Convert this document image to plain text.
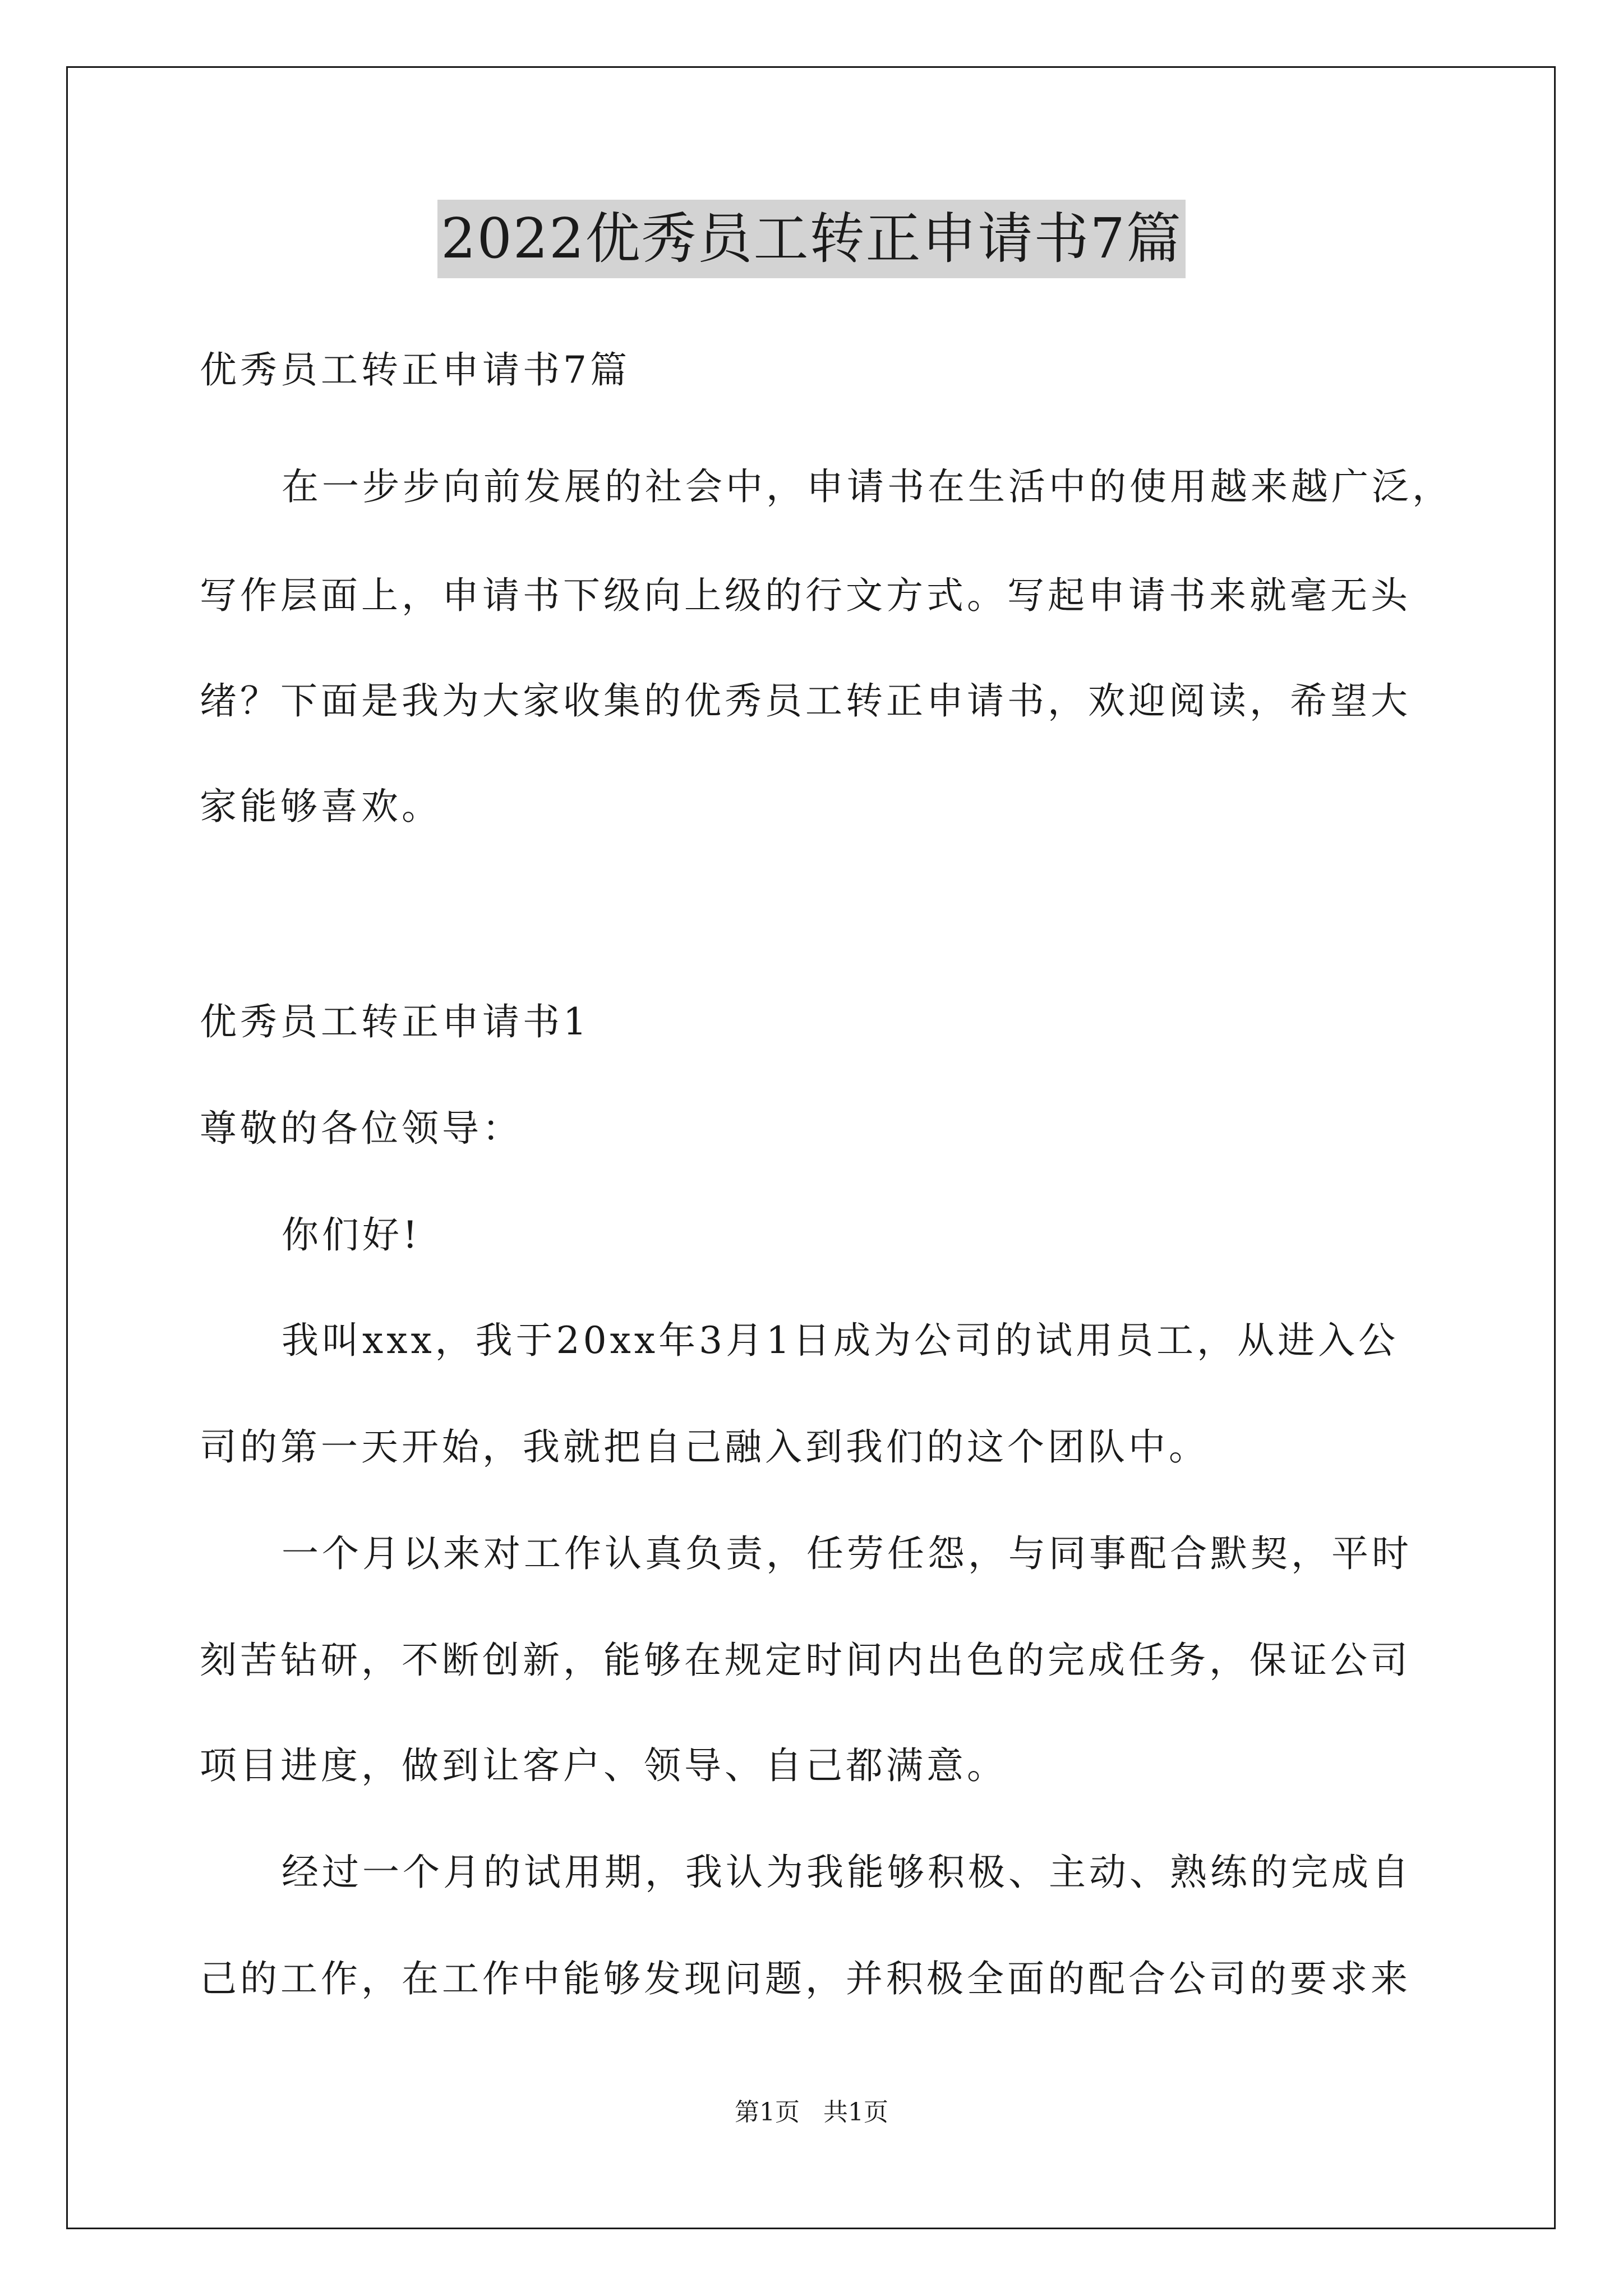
2022优秀员工转正申请书7篇
优秀员工转正申请书7篇
在一步步向前发展的社会中，申请书在生活中的使用越来越广泛，
写作层面上，申请书下级向上级的行文方式。写起申请书来就毫无头
绪？下面是我为大家收集的优秀员工转正申请书，欢迎阅读，希望大
家能够喜欢。
优秀员工转正申请书1
尊敬的各位领导：
你们好!
我叫xxx，我于20xx年3月1日成为公司的试用员工，从进入公
司的第一天开始，我就把自己融入到我们的这个团队中。
一个月以来对工作认真负责，任劳任怨，与同事配合默契，平时
刻苦钻研，不断创新，能够在规定时间内出色的完成任务，保证公司
项目进度，做到让客户、领导、自己都满意。
经过一个月的试用期，我认为我能够积极、主动、熟练的完成自
己的工作，在工作中能够发现问题，并积极全面的配合公司的要求来
第1页 共1页
